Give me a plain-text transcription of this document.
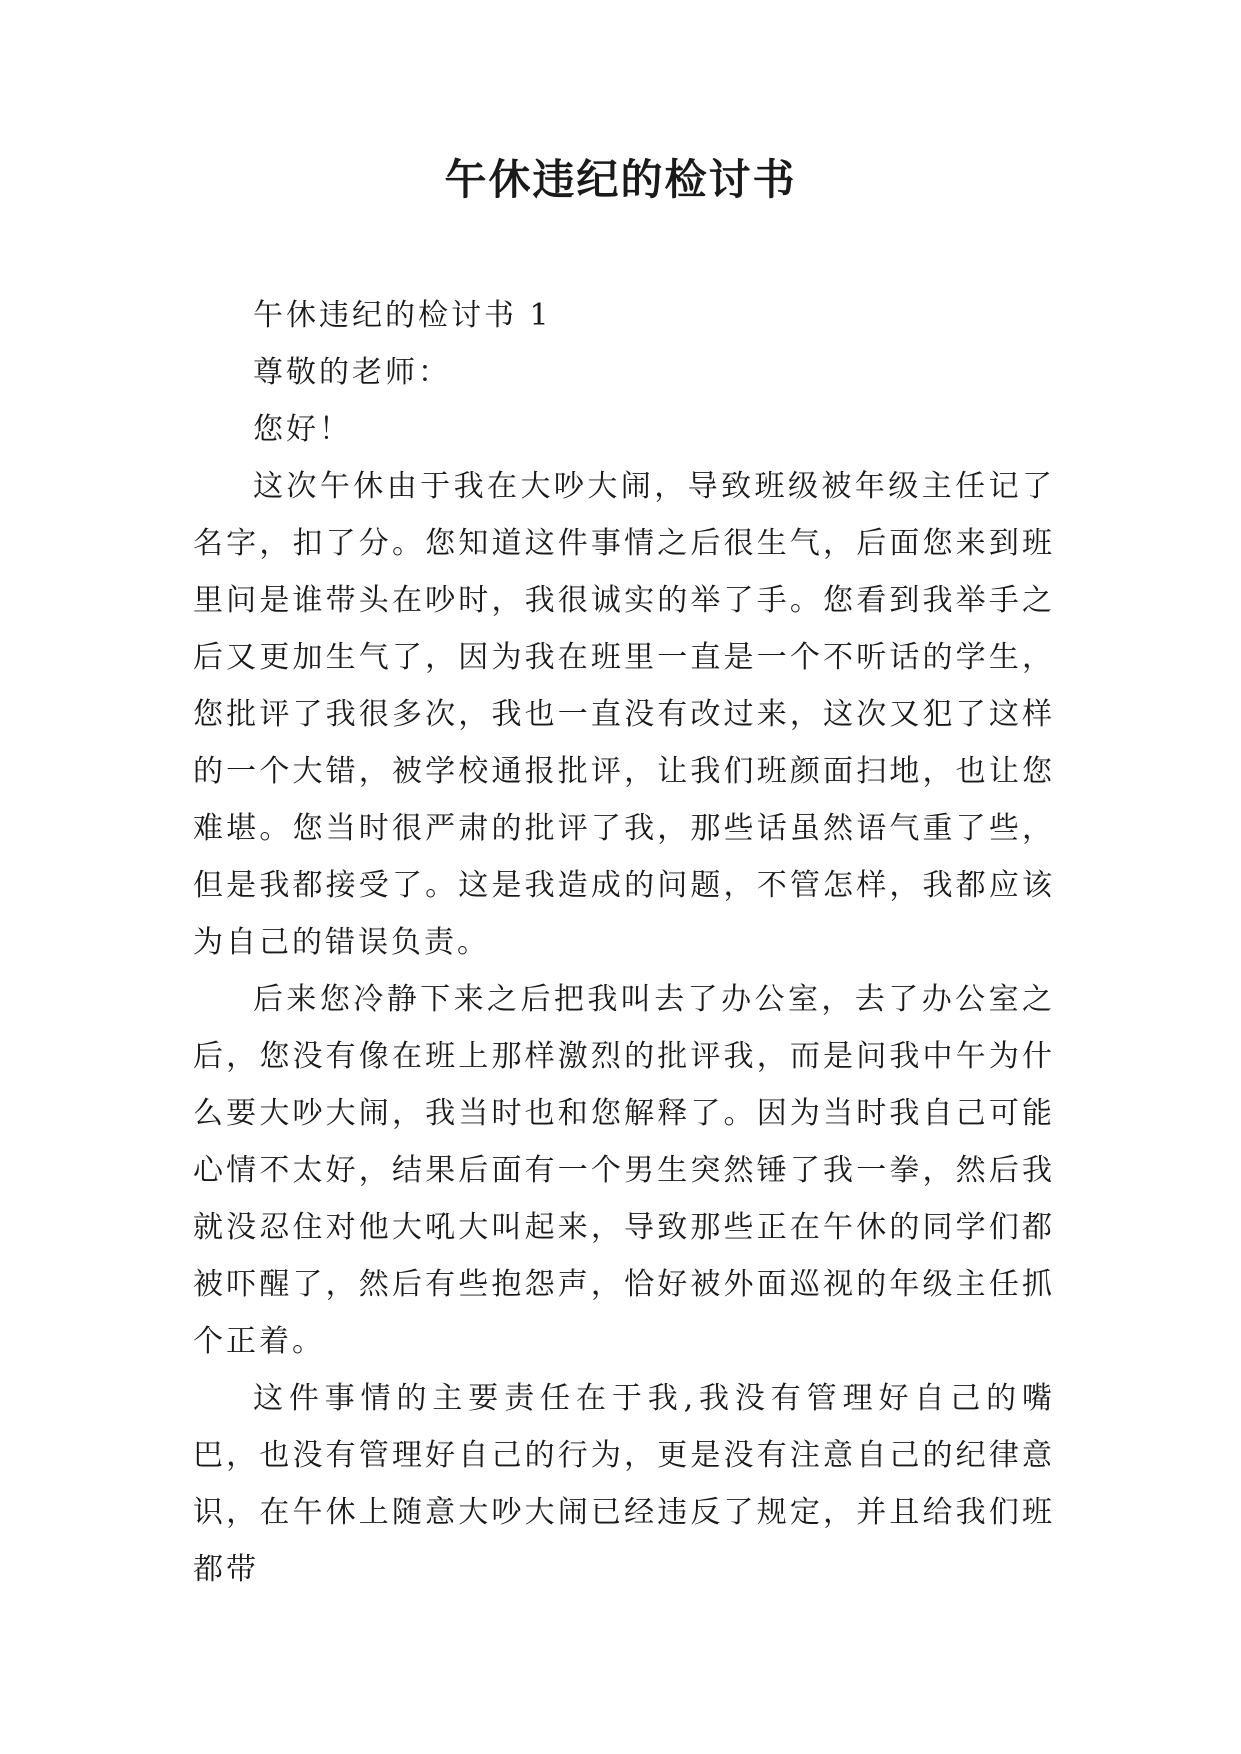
午休违纪的检讨书

午休违纪的检讨书 1

尊敬的老师：

您好！

这次午休由于我在大吵大闹，导致班级被年级主任记了名字，扣了分。您知道这件事情之后很生气，后面您来到班里问是谁带头在吵时，我很诚实的举了手。您看到我举手之后又更加生气了，因为我在班里一直是一个不听话的学生，您批评了我很多次，我也一直没有改过来，这次又犯了这样的一个大错，被学校通报批评，让我们班颜面扫地，也让您难堪。您当时很严肃的批评了我，那些话虽然语气重了些，但是我都接受了。这是我造成的问题，不管怎样，我都应该为自己的错误负责。

后来您冷静下来之后把我叫去了办公室，去了办公室之后，您没有像在班上那样激烈的批评我，而是问我中午为什么要大吵大闹，我当时也和您解释了。因为当时我自己可能心情不太好，结果后面有一个男生突然锤了我一拳，然后我就没忍住对他大吼大叫起来，导致那些正在午休的同学们都被吓醒了，然后有些抱怨声，恰好被外面巡视的年级主任抓个正着。

这件事情的主要责任在于我,我没有管理好自己的嘴巴，也没有管理好自己的行为，更是没有注意自己的纪律意识，在午休上随意大吵大闹已经违反了规定，并且给我们班都带
